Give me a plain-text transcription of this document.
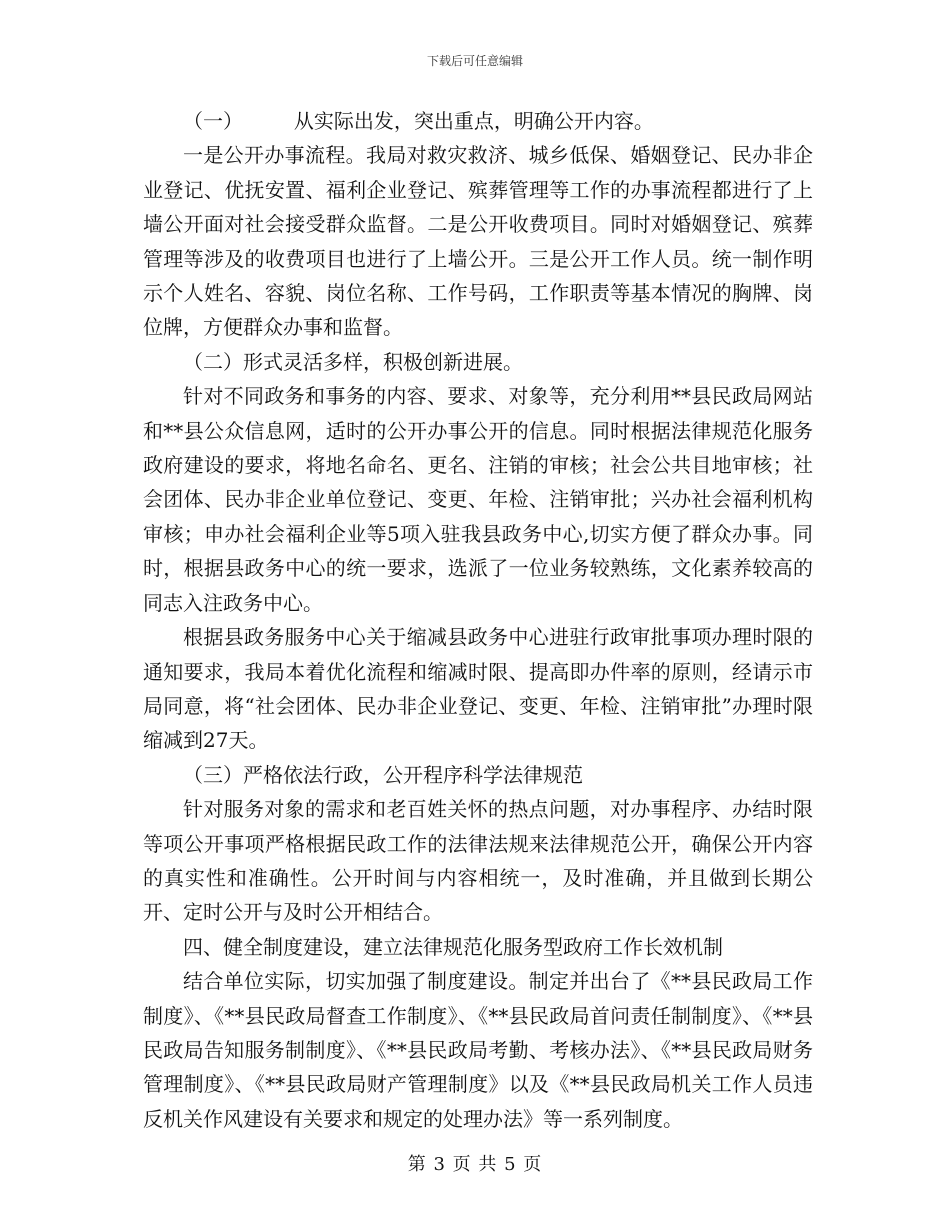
下载后可任意编辑

（一）        从实际出发，突出重点，明确公开内容。

一是公开办事流程。我局对救灾救济、城乡低保、婚姻登记、民办非企业登记、优抚安置、福利企业登记、殡葬管理等工作的办事流程都进行了上墙公开面对社会接受群众监督。二是公开收费项目。同时对婚姻登记、殡葬管理等涉及的收费项目也进行了上墙公开。三是公开工作人员。统一制作明示个人姓名、容貌、岗位名称、工作号码，工作职责等基本情况的胸牌、岗位牌，方便群众办事和监督。

（二）形式灵活多样，积极创新进展。

针对不同政务和事务的内容、要求、对象等，充分利用**县民政局网站和**县公众信息网，适时的公开办事公开的信息。同时根据法律规范化服务政府建设的要求，将地名命名、更名、注销的审核；社会公共目地审核；社会团体、民办非企业单位登记、变更、年检、注销审批；兴办社会福利机构审核；申办社会福利企业等5项入驻我县政务中心,切实方便了群众办事。同时，根据县政务中心的统一要求，选派了一位业务较熟练，文化素养较高的同志入注政务中心。

根据县政务服务中心关于缩减县政务中心进驻行政审批事项办理时限的通知要求，我局本着优化流程和缩减时限、提高即办件率的原则，经请示市局同意，将“社会团体、民办非企业登记、变更、年检、注销审批”办理时限缩减到27天。

（三）严格依法行政，公开程序科学法律规范

针对服务对象的需求和老百姓关怀的热点问题，对办事程序、办结时限等项公开事项严格根据民政工作的法律法规来法律规范公开，确保公开内容的真实性和准确性。公开时间与内容相统一，及时准确，并且做到长期公开、定时公开与及时公开相结合。

四、健全制度建设，建立法律规范化服务型政府工作长效机制

结合单位实际，切实加强了制度建设。制定并出台了《**县民政局工作制度》、《**县民政局督查工作制度》、《**县民政局首问责任制制度》、《**县民政局告知服务制制度》、《**县民政局考勤、考核办法》、《**县民政局财务管理制度》、《**县民政局财产管理制度》以及《**县民政局机关工作人员违反机关作风建设有关要求和规定的处理办法》等一系列制度。

第 3 页 共 5 页
